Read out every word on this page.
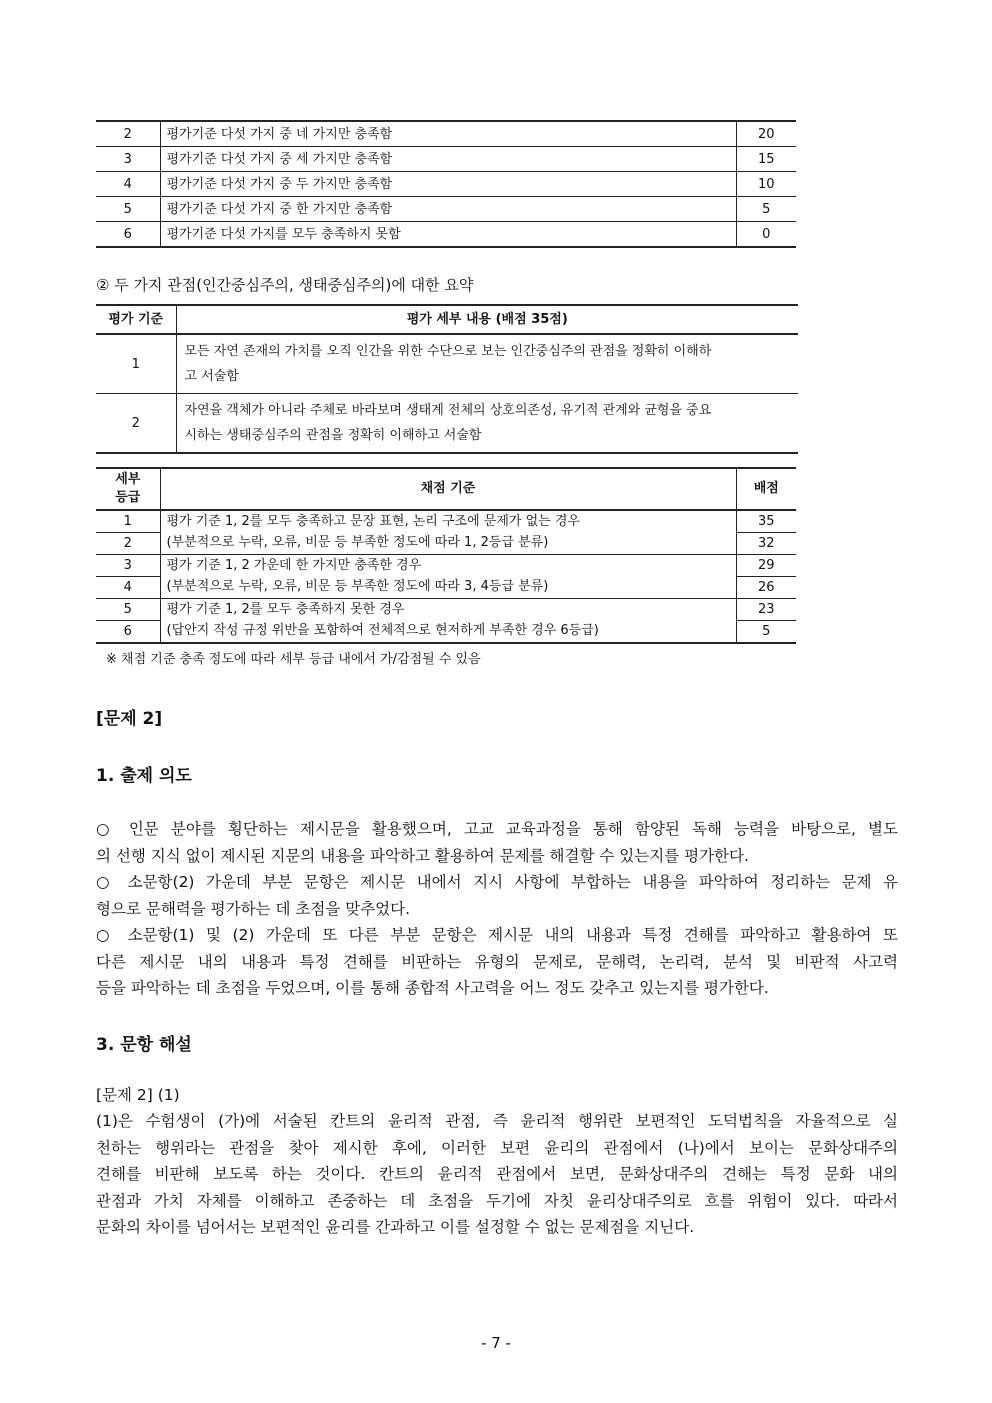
2	평가기준 다섯 가지 중 네 가지만 충족함	20
3	평가기준 다섯 가지 중 세 가지만 충족함	15
4	평가기준 다섯 가지 중 두 가지만 충족함	10
5	평가기준 다섯 가지 중 한 가지만 충족함	5
6	평가기준 다섯 가지를 모두 충족하지 못함	0
② 두 가지 관점(인간중심주의, 생태중심주의)에 대한 요약
평가 기준	평가 세부 내용 (배점 35점)
1	모든 자연 존재의 가치를 오직 인간을 위한 수단으로 보는 인간중심주의 관점을 정확히 이해하
고 서술함
2	자연을 객체가 아니라 주체로 바라보며 생태계 전체의 상호의존성, 유기적 관계와 균형을 중요
시하는 생태중심주의 관점을 정확히 이해하고 서술함
세부
등급	채점 기준	배점
1	평가 기준 1, 2를 모두 충족하고 문장 표현, 논리 구조에 문제가 없는 경우	35
2	(부분적으로 누락, 오류, 비문 등 부족한 정도에 따라 1, 2등급 분류)	32
3	평가 기준 1, 2 가운데 한 가지만 충족한 경우	29
4	(부분적으로 누락, 오류, 비문 등 부족한 정도에 따라 3, 4등급 분류)	26
5	평가 기준 1, 2를 모두 충족하지 못한 경우	23
6	(답안지 작성 규정 위반을 포함하여 전체적으로 현저하게 부족한 경우 6등급)	5
※ 채점 기준 충족 정도에 따라 세부 등급 내에서 가/감점될 수 있음
[문제 2]
1. 출제 의도
○ 인문 분야를 횡단하는 제시문을 활용했으며, 고교 교육과정을 통해 함양된 독해 능력을 바탕으로, 별도
의 선행 지식 없이 제시된 지문의 내용을 파악하고 활용하여 문제를 해결할 수 있는지를 평가한다.
○ 소문항(2) 가운데 부분 문항은 제시문 내에서 지시 사항에 부합하는 내용을 파악하여 정리하는 문제 유
형으로 문해력을 평가하는 데 초점을 맞추었다.
○ 소문항(1) 및 (2) 가운데 또 다른 부분 문항은 제시문 내의 내용과 특정 견해를 파악하고 활용하여 또
다른 제시문 내의 내용과 특정 견해를 비판하는 유형의 문제로, 문해력, 논리력, 분석 및 비판적 사고력
등을 파악하는 데 초점을 두었으며, 이를 통해 종합적 사고력을 어느 정도 갖추고 있는지를 평가한다.
3. 문항 해설
[문제 2] (1)
(1)은 수험생이 (가)에 서술된 칸트의 윤리적 관점, 즉 윤리적 행위란 보편적인 도덕법칙을 자율적으로 실
천하는 행위라는 관점을 찾아 제시한 후에, 이러한 보편 윤리의 관점에서 (나)에서 보이는 문화상대주의
견해를 비판해 보도록 하는 것이다. 칸트의 윤리적 관점에서 보면, 문화상대주의 견해는 특정 문화 내의
관점과 가치 자체를 이해하고 존중하는 데 초점을 두기에 자칫 윤리상대주의로 흐를 위험이 있다. 따라서
문화의 차이를 넘어서는 보편적인 윤리를 간과하고 이를 설정할 수 없는 문제점을 지닌다.
- 7 -
